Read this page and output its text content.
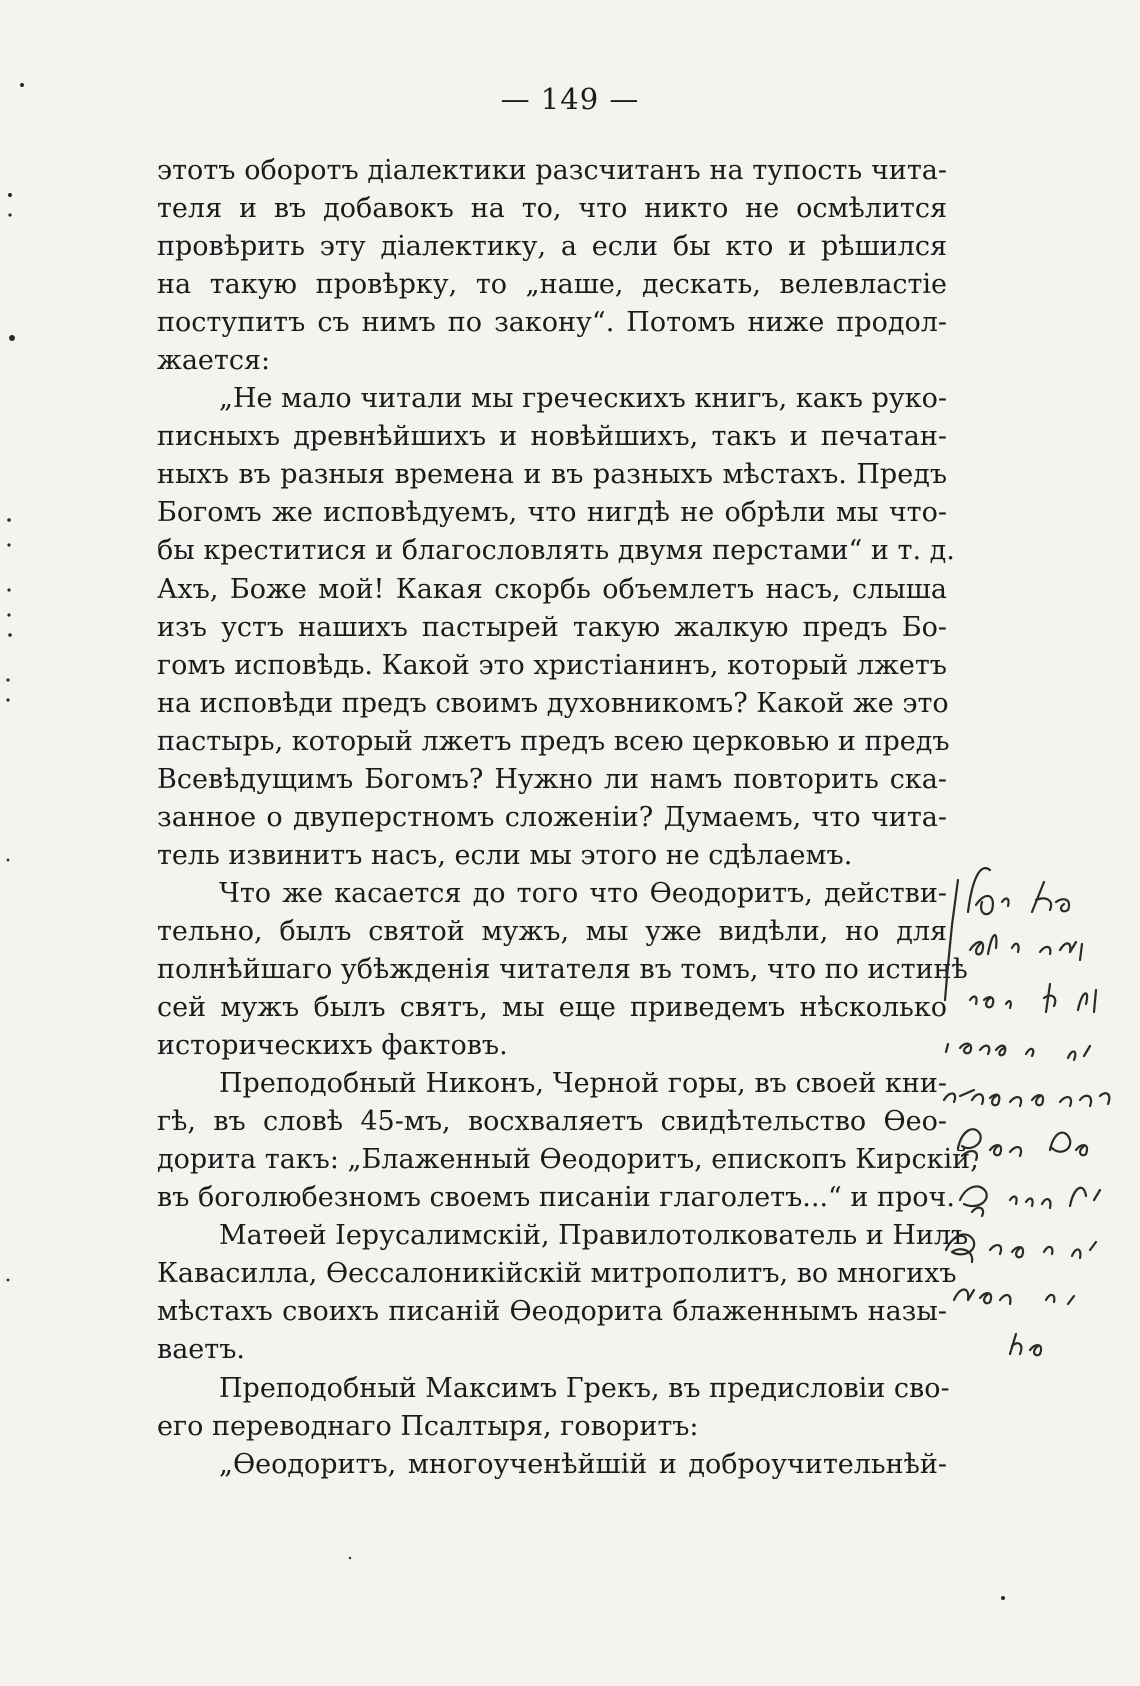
— 149 —
этотъ оборотъ діалектики разсчитанъ на тупость чита-
теля и въ добавокъ на то, что никто не осмѣлится
провѣрить эту діалектику, а если бы кто и рѣшился
на такую провѣрку, то „наше, дескать, велевластіе
поступитъ съ нимъ по закону“. Потомъ ниже продол-
жается:
„Не мало читали мы греческихъ книгъ, какъ руко-
писныхъ древнѣйшихъ и новѣйшихъ, такъ и печатан-
ныхъ въ разныя времена и въ разныхъ мѣстахъ. Предъ
Богомъ же исповѣдуемъ, что нигдѣ не обрѣли мы что-
бы креститися и благословлять двумя перстами“ и т. д.
Ахъ, Боже мой! Какая скорбь объемлетъ насъ, слыша
изъ устъ нашихъ пастырей такую жалкую предъ Бо-
гомъ исповѣдь. Какой это христіанинъ, который лжетъ
на исповѣди предъ своимъ духовникомъ? Какой же это
пастырь, который лжетъ предъ всею церковью и предъ
Всевѣдущимъ Богомъ? Нужно ли намъ повторить ска-
занное о двуперстномъ сложеніи? Думаемъ, что чита-
тель извинитъ насъ, если мы этого не сдѣлаемъ.
Что же касается до того что Ѳеодоритъ, действи-
тельно, былъ святой мужъ, мы уже видѣли, но для
полнѣйшаго убѣжденія читателя въ томъ, что по истинѣ
сей мужъ былъ святъ, мы еще приведемъ нѣсколько
историческихъ фактовъ.
Преподобный Никонъ, Черной горы, въ своей кни-
гѣ, въ словѣ 45-мъ, восхваляетъ свидѣтельство Ѳео-
дорита такъ: „Блаженный Ѳеодоритъ, епископъ Кирскій,
въ боголюбезномъ своемъ писаніи глаголетъ...“ и проч.
Матѳей Іерусалимскій, Правилотолкователь и Нилъ
Кавасилла, Ѳессалоникійскій митрополитъ, во многихъ
мѣстахъ своихъ писаній Ѳеодорита блаженнымъ назы-
ваетъ.
Преподобный Максимъ Грекъ, въ предисловіи сво-
его переводнаго Псалтыря, говоритъ:
„Ѳеодоритъ, многоученѣйшій и доброучительнѣй-
